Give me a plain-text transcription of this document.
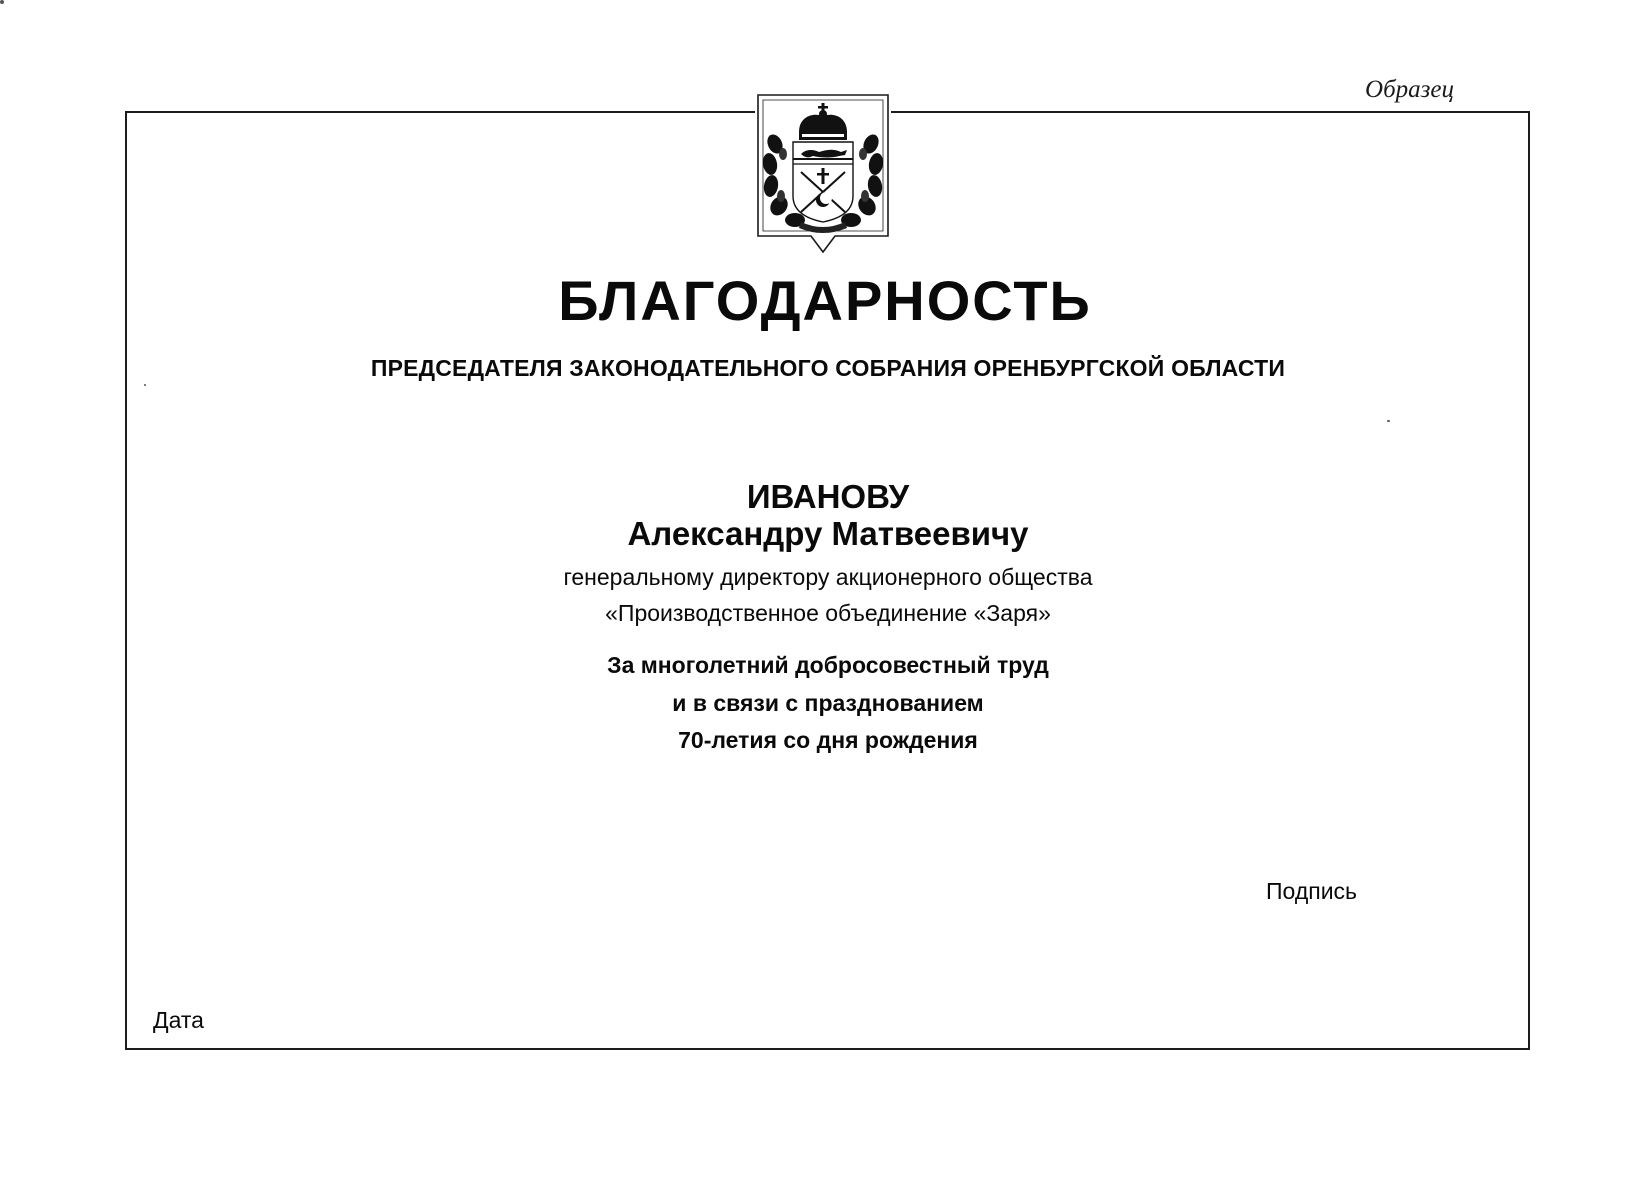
Образец
БЛАГОДАРНОСТЬ
ПРЕДСЕДАТЕЛЯ ЗАКОНОДАТЕЛЬНОГО СОБРАНИЯ ОРЕНБУРГСКОЙ ОБЛАСТИ

ИВАНОВУ

Александру Матвеевичу

генеральному директору акционерного общества

«Производственное объединение «Заря»

За многолетний добросовестный труд

и в связи с празднованием

70-летия со дня рождения

Подпись
Дата
